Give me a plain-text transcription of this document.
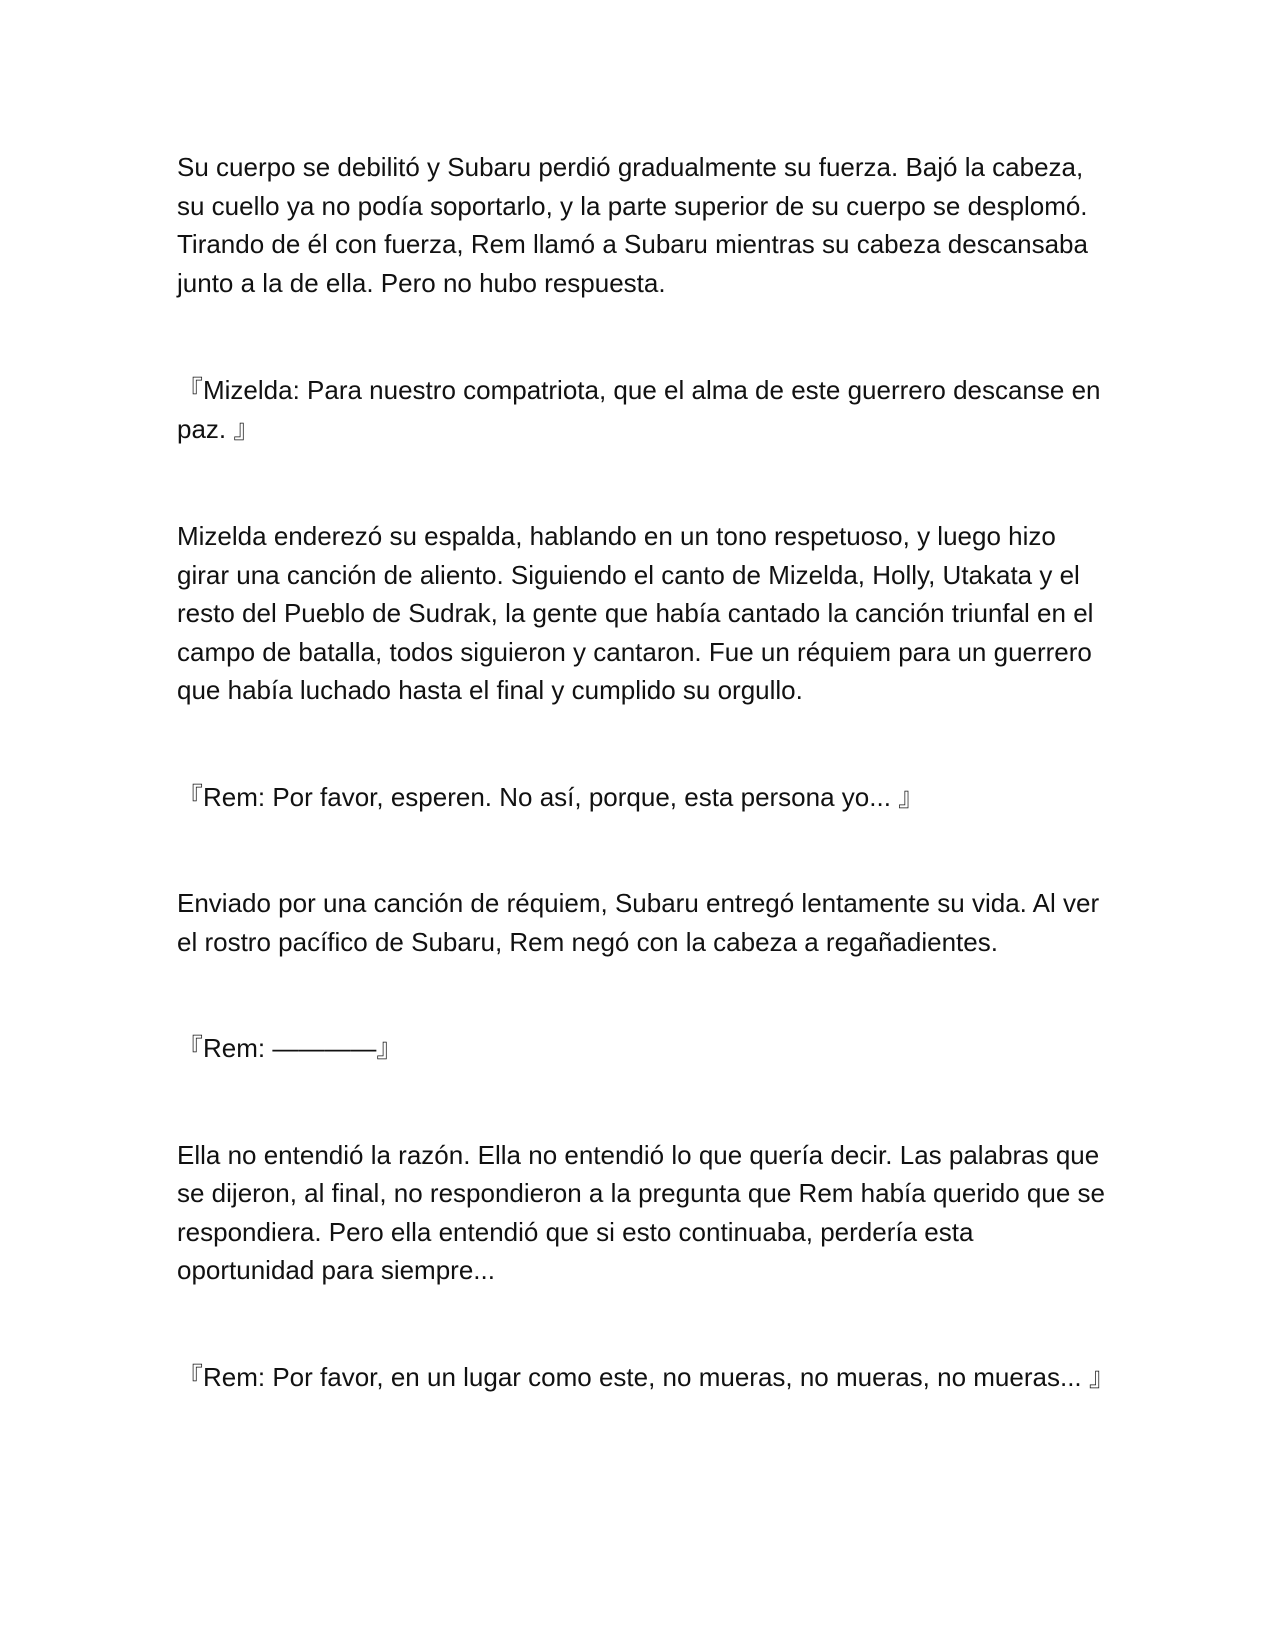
Su cuerpo se debilitó y Subaru perdió gradualmente su fuerza. Bajó la cabeza, su cuello ya no podía soportarlo, y la parte superior de su cuerpo se desplomó. Tirando de él con fuerza, Rem llamó a Subaru mientras su cabeza descansaba junto a la de ella. Pero no hubo respuesta.

『Mizelda: Para nuestro compatriota, que el alma de este guerrero descanse en paz. 』

Mizelda enderezó su espalda, hablando en un tono respetuoso, y luego hizo girar una canción de aliento. Siguiendo el canto de Mizelda, Holly, Utakata y el resto del Pueblo de Sudrak, la gente que había cantado la canción triunfal en el campo de batalla, todos siguieron y cantaron. Fue un réquiem para un guerrero que había luchado hasta el final y cumplido su orgullo.

『Rem: Por favor, esperen. No así, porque, esta persona yo... 』

Enviado por una canción de réquiem, Subaru entregó lentamente su vida. Al ver el rostro pacífico de Subaru, Rem negó con la cabeza a regañadientes.

『Rem: ————』

Ella no entendió la razón. Ella no entendió lo que quería decir. Las palabras que se dijeron, al final, no respondieron a la pregunta que Rem había querido que se respondiera. Pero ella entendió que si esto continuaba, perdería esta oportunidad para siempre...

『Rem: Por favor, en un lugar como este, no mueras, no mueras, no mueras... 』
